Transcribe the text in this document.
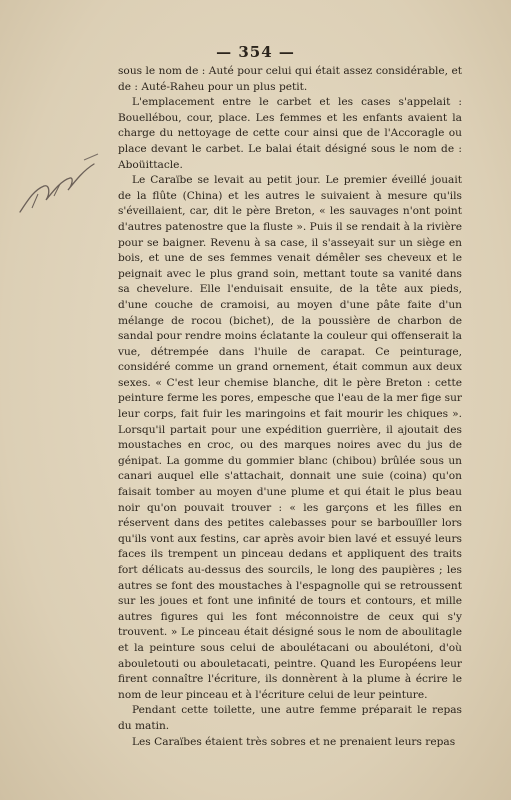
— 354 —

sous le nom de : Auté pour celui qui était assez considérable, et de : Auté-Raheu pour un plus petit.

L'emplacement entre le carbet et les cases s'appelait : Bouellébou, cour, place. Les femmes et les enfants avaient la charge du nettoyage de cette cour ainsi que de l'Accoragle ou place devant le carbet. Le balai était désigné sous le nom de : Aboüittacle.

Le Caraïbe se levait au petit jour. Le premier éveillé jouait de la flûte (China) et les autres le suivaient à mesure qu'ils s'éveillaient, car, dit le père Breton, « les sauvages n'ont point d'autres patenostre que la fluste ». Puis il se rendait à la rivière pour se baigner. Revenu à sa case, il s'asseyait sur un siège en bois, et une de ses femmes venait démêler ses cheveux et le peignait avec le plus grand soin, mettant toute sa vanité dans sa chevelure. Elle l'enduisait ensuite, de la tête aux pieds, d'une couche de cramoisi, au moyen d'une pâte faite d'un mélange de rocou (bichet), de la poussière de charbon de sandal pour rendre moins éclatante la couleur qui offenserait la vue, détrempée dans l'huile de carapat. Ce peinturage, considéré comme un grand ornement, était commun aux deux sexes. « C'est leur chemise blanche, dit le père Breton : cette peinture ferme les pores, empesche que l'eau de la mer fige sur leur corps, fait fuir les maringoins et fait mourir les chiques ». Lorsqu'il partait pour une expédition guerrière, il ajoutait des moustaches en croc, ou des marques noires avec du jus de génipat. La gomme du gommier blanc (chibou) brûlée sous un canari auquel elle s'attachait, donnait une suie (coina) qu'on faisait tomber au moyen d'une plume et qui était le plus beau noir qu'on pouvait trouver : « les garçons et les filles en réservent dans des petites calebasses pour se barbouïller lors qu'ils vont aux festins, car après avoir bien lavé et essuyé leurs faces ils trempent un pinceau dedans et appliquent des traits fort délicats au-dessus des sourcils, le long des paupières ; les autres se font des moustaches à l'espagnolle qui se retroussent sur les joues et font une infinité de tours et contours, et mille autres figures qui les font méconnoistre de ceux qui s'y trouvent. » Le pinceau était désigné sous le nom de aboulitagle et la peinture sous celui de aboulétacani ou aboulétoni, d'où abouletouti ou abouletacati, peintre. Quand les Européens leur firent connaître l'écriture, ils donnèrent à la plume à écrire le nom de leur pinceau et à l'écriture celui de leur peinture.

Pendant cette toilette, une autre femme préparait le repas du matin.

Les Caraïbes étaient très sobres et ne prenaient leurs repas
